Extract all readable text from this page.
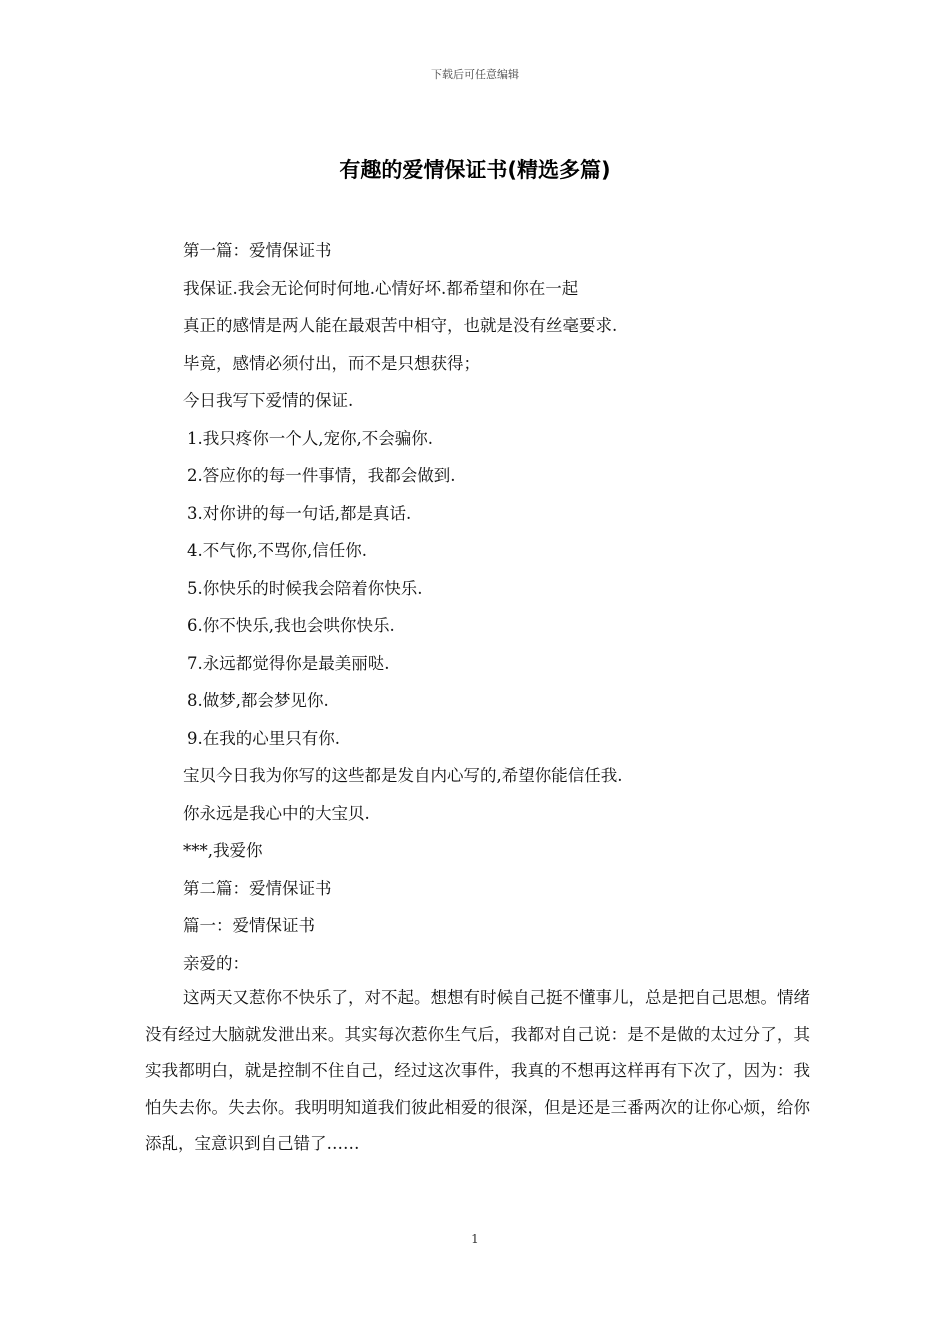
下载后可任意编辑
有趣的爱情保证书(精选多篇)
第一篇：爱情保证书
我保证.我会无论何时何地.心情好坏.都希望和你在一起
真正的感情是两人能在最艰苦中相守，也就是没有丝毫要求.
毕竟，感情必须付出，而不是只想获得；
今日我写下爱情的保证.
1.我只疼你一个人,宠你,不会骗你.
2.答应你的每一件事情，我都会做到.
3.对你讲的每一句话,都是真话.
4.不气你,不骂你,信任你.
5.你快乐的时候我会陪着你快乐.
6.你不快乐,我也会哄你快乐.
7.永远都觉得你是最美丽哒.
8.做梦,都会梦见你.
9.在我的心里只有你.
宝贝今日我为你写的这些都是发自内心写的,希望你能信任我.
你永远是我心中的大宝贝.
***,我爱你
第二篇：爱情保证书
篇一：爱情保证书
亲爱的：
这两天又惹你不快乐了，对不起。想想有时候自己挺不懂事儿，总是把自己思想。情绪没有经过大脑就发泄出来。其实每次惹你生气后，我都对自己说：是不是做的太过分了，其实我都明白，就是控制不住自己，经过这次事件，我真的不想再这样再有下次了，因为：我怕失去你。失去你。我明明知道我们彼此相爱的很深，但是还是三番两次的让你心烦，给你添乱，宝意识到自己错了……
1
